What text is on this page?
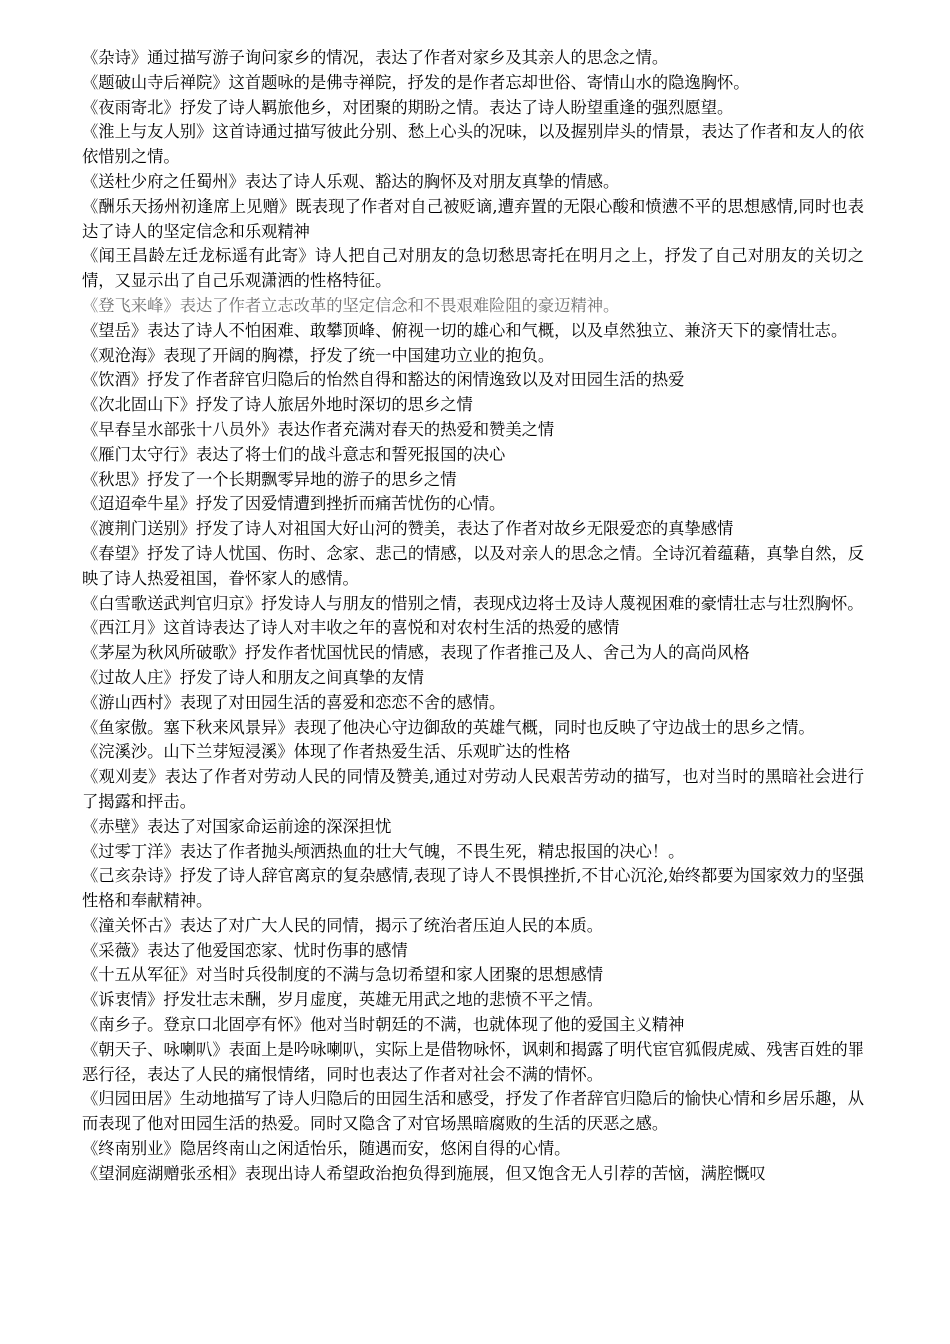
《杂诗》通过描写游子询问家乡的情况，表达了作者对家乡及其亲人的思念之情。
《题破山寺后禅院》这首题咏的是佛寺禅院，抒发的是作者忘却世俗、寄情山水的隐逸胸怀。
《夜雨寄北》抒发了诗人羁旅他乡，对团聚的期盼之情。表达了诗人盼望重逢的强烈愿望。
《淮上与友人别》这首诗通过描写彼此分别、愁上心头的况味，以及握别岸头的情景，表达了作者和友人的依依惜别之情。
《送杜少府之任蜀州》表达了诗人乐观、豁达的胸怀及对朋友真挚的情感。
《酬乐天扬州初逢席上见赠》既表现了作者对自己被贬谪,遭弃置的无限心酸和愤懑不平的思想感情,同时也表达了诗人的坚定信念和乐观精神
《闻王昌龄左迁龙标遥有此寄》诗人把自己对朋友的急切愁思寄托在明月之上，抒发了自己对朋友的关切之情，又显示出了自己乐观潇洒的性格特征。
《登飞来峰》表达了作者立志改革的坚定信念和不畏艰难险阻的豪迈精神。
《望岳》表达了诗人不怕困难、敢攀顶峰、俯视一切的雄心和气概，以及卓然独立、兼济天下的豪情壮志。
《观沧海》表现了开阔的胸襟，抒发了统一中国建功立业的抱负。
《饮酒》抒发了作者辞官归隐后的怡然自得和豁达的闲情逸致以及对田园生活的热爱
《次北固山下》抒发了诗人旅居外地时深切的思乡之情
《早春呈水部张十八员外》表达作者充满对春天的热爱和赞美之情
《雁门太守行》表达了将士们的战斗意志和誓死报国的决心
《秋思》抒发了一个长期飘零异地的游子的思乡之情
《迢迢牵牛星》抒发了因爱情遭到挫折而痛苦忧伤的心情。
《渡荆门送别》抒发了诗人对祖国大好山河的赞美，表达了作者对故乡无限爱恋的真挚感情
《春望》抒发了诗人忧国、伤时、念家、悲己的情感，以及对亲人的思念之情。全诗沉着蕴藉，真挚自然，反映了诗人热爱祖国，眷怀家人的感情。
《白雪歌送武判官归京》抒发诗人与朋友的惜别之情，表现戍边将士及诗人蔑视困难的豪情壮志与壮烈胸怀。
《西江月》这首诗表达了诗人对丰收之年的喜悦和对农村生活的热爱的感情
《茅屋为秋风所破歌》抒发作者忧国忧民的情感，表现了作者推己及人、舍己为人的高尚风格
《过故人庄》抒发了诗人和朋友之间真挚的友情
《游山西村》表现了对田园生活的喜爱和恋恋不舍的感情。
《鱼家傲。塞下秋来风景异》表现了他决心守边御敌的英雄气概，同时也反映了守边战士的思乡之情。
《浣溪沙。山下兰芽短浸溪》体现了作者热爱生活、乐观旷达的性格
《观刈麦》表达了作者对劳动人民的同情及赞美,通过对劳动人民艰苦劳动的描写，也对当时的黑暗社会进行了揭露和抨击。
《赤壁》表达了对国家命运前途的深深担忧
《过零丁洋》表达了作者抛头颅洒热血的壮大气魄，不畏生死，精忠报国的决心！。
《己亥杂诗》抒发了诗人辞官离京的复杂感情,表现了诗人不畏惧挫折,不甘心沉沦,始终都要为国家效力的坚强性格和奉献精神。
《潼关怀古》表达了对广大人民的同情，揭示了统治者压迫人民的本质。
《采薇》表达了他爱国恋家、忧时伤事的感情
《十五从军征》对当时兵役制度的不满与急切希望和家人团聚的思想感情
《诉衷情》抒发壮志未酬，岁月虚度，英雄无用武之地的悲愤不平之情。
《南乡子。登京口北固亭有怀》他对当时朝廷的不满，也就体现了他的爱国主义精神
《朝天子、咏喇叭》表面上是吟咏喇叭，实际上是借物咏怀，讽刺和揭露了明代宦官狐假虎威、残害百姓的罪恶行径，表达了人民的痛恨情绪，同时也表达了作者对社会不满的情怀。
《归园田居》生动地描写了诗人归隐后的田园生活和感受，抒发了作者辞官归隐后的愉快心情和乡居乐趣，从而表现了他对田园生活的热爱。同时又隐含了对官场黑暗腐败的生活的厌恶之感。
《终南别业》隐居终南山之闲适怡乐，随遇而安，悠闲自得的心情。
《望洞庭湖赠张丞相》表现出诗人希望政治抱负得到施展，但又饱含无人引荐的苦恼，满腔慨叹
